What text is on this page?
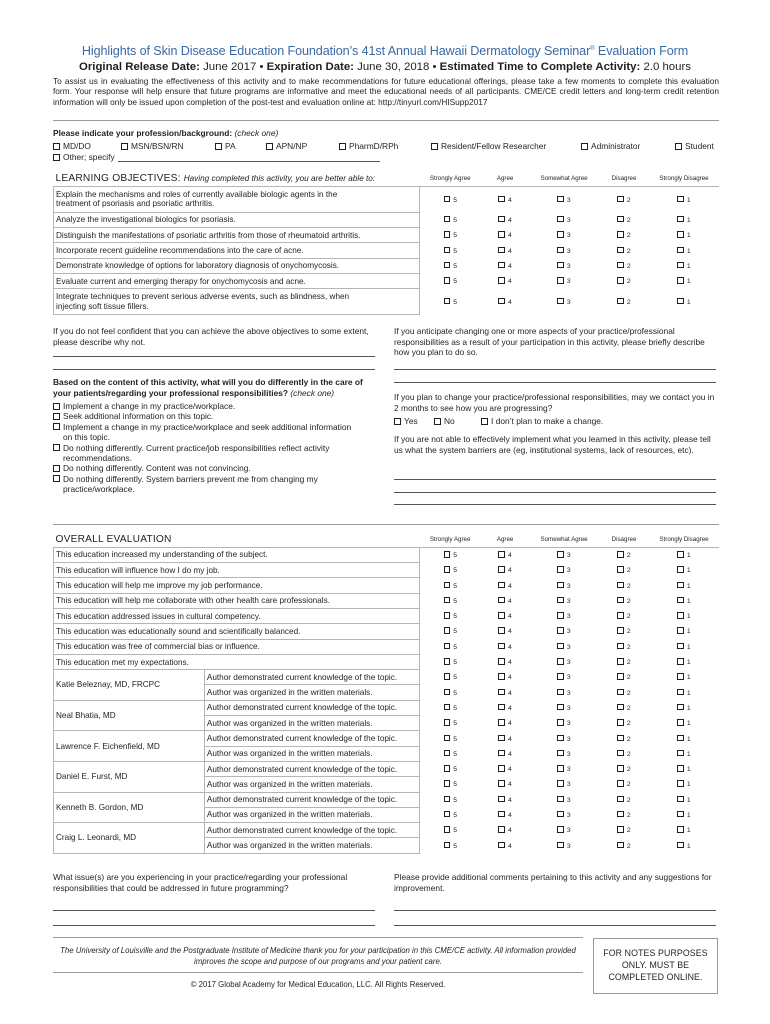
Highlights of Skin Disease Education Foundation’s 41st Annual Hawaii Dermatology Seminar® Evaluation Form
Original Release Date: June 2017 • Expiration Date: June 30, 2018 • Estimated Time to Complete Activity: 2.0 hours
To assist us in evaluating the effectiveness of this activity and to make recommendations for future educational offerings, please take a few moments to complete this evaluation form. Your response will help ensure that future programs are informative and meet the educational needs of all participants. CME/CE credit letters and long-term credit retention information will only be issued upon completion of the post-test and evaluation online at: http://tinyurl.com/HISupp2017
Please indicate your profession/background: (check one)
MD/DO	MSN/BSN/RN	PA	APN/NP	PharmD/RPh	Resident/Fellow Researcher	Administrator	Student
Other; specify
LEARNING OBJECTIVES: Having completed this activity, you are better able to:	Strongly Agree	Agree	Somewhat Agree	Disagree	Strongly Disagree
Explain the mechanisms and roles of currently available biologic agents in the treatment of psoriasis and psoriatic arthritis.	5	4	3	2	1
Analyze the investigational biologics for psoriasis.	5	4	3	2	1
Distinguish the manifestations of psoriatic arthritis from those of rheumatoid arthritis.	5	4	3	2	1
Incorporate recent guideline recommendations into the care of acne.	5	4	3	2	1
Demonstrate knowledge of options for laboratory diagnosis of onychomycosis.	5	4	3	2	1
Evaluate current and emerging therapy for onychomycosis and acne.	5	4	3	2	1
Integrate techniques to prevent serious adverse events, such as blindness, when injecting soft tissue fillers.	5	4	3	2	1
If you do not feel confident that you can achieve the above objectives to some extent, please describe why not.
If you anticipate changing one or more aspects of your practice/professional responsibilities as a result of your participation in this activity, please briefly describe how you plan to do so.
Based on the content of this activity, what will you do differently in the care of your patients/regarding your professional responsibilities? (check one)
Implement a change in my practice/workplace.
Seek additional information on this topic.
Implement a change in my practice/workplace and seek additional information on this topic.
Do nothing differently. Current practice/job responsibilities reflect activity recommendations.
Do nothing differently. Content was not convincing.
Do nothing differently. System barriers prevent me from changing my practice/workplace.
If you plan to change your practice/professional responsibilities, may we contact you in 2 months to see how you are progressing?
Yes	No	I don’t plan to make a change.
If you are not able to effectively implement what you learned in this activity, please tell us what the system barriers are (eg, institutional systems, lack of resources, etc).
OVERALL EVALUATION		Strongly Agree	Agree	Somewhat Agree	Disagree	Strongly Disagree
This education increased my understanding of the subject.		5	4	3	2	1
This education will influence how I do my job.		5	4	3	2	1
This education will help me improve my job performance.		5	4	3	2	1
This education will help me collaborate with other health care professionals.		5	4	3	2	1
This education addressed issues in cultural competency.		5	4	3	2	1
This education was educationally sound and scientifically balanced.		5	4	3	2	1
This education was free of commercial bias or influence.		5	4	3	2	1
This education met my expectations.		5	4	3	2	1
Katie Beleznay, MD, FRCPC	Author demonstrated current knowledge of the topic.	5	4	3	2	1
	Author was organized in the written materials.	5	4	3	2	1
Neal Bhatia, MD	Author demonstrated current knowledge of the topic.	5	4	3	2	1
	Author was organized in the written materials.	5	4	3	2	1
Lawrence F. Eichenfield, MD	Author demonstrated current knowledge of the topic.	5	4	3	2	1
	Author was organized in the written materials.	5	4	3	2	1
Daniel E. Furst, MD	Author demonstrated current knowledge of the topic.	5	4	3	2	1
	Author was organized in the written materials.	5	4	3	2	1
Kenneth B. Gordon, MD	Author demonstrated current knowledge of the topic.	5	4	3	2	1
	Author was organized in the written materials.	5	4	3	2	1
Craig L. Leonardi, MD	Author demonstrated current knowledge of the topic.	5	4	3	2	1
	Author was organized in the written materials.	5	4	3	2	1
What issue(s) are you experiencing in your practice/regarding your professional responsibilities that could be addressed in future programming?
Please provide additional comments pertaining to this activity and any suggestions for improvement.
The University of Louisville and the Postgraduate Institute of Medicine thank you for your participation in this CME/CE activity. All information provided improves the scope and purpose of our programs and your patient care.
© 2017 Global Academy for Medical Education, LLC. All Rights Reserved.
FOR NOTES PURPOSES ONLY. MUST BE COMPLETED ONLINE.
